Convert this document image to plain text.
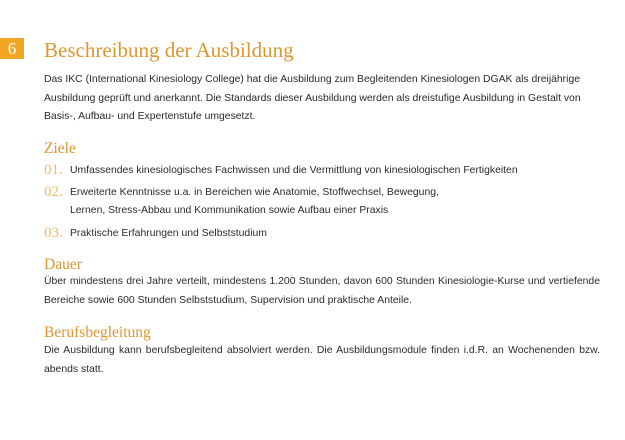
6	Beschreibung der Ausbildung

Das IKC (International Kinesiology College) hat die Ausbildung zum Begleitenden Kinesiologen DGAK als dreijährige Ausbildung geprüft und anerkannt. Die Standards dieser Ausbildung werden als dreistufige Ausbildung in Gestalt von Basis-, Aufbau- und Expertenstufe umgesetzt.

Ziele
01. Umfassendes kinesiologisches Fachwissen und die Vermittlung von kinesiologischen Fertigkeiten
02. Erweiterte Kenntnisse u.a. in Bereichen wie Anatomie, Stoffwechsel, Bewegung, Lernen, Stress-Abbau und Kommunikation sowie Aufbau einer Praxis
03. Praktische Erfahrungen und Selbststudium
Dauer

Über mindestens drei Jahre verteilt, mindestens 1.200 Stunden, davon 600 Stunden Kinesiologie-Kurse und vertiefende Bereiche sowie 600 Stunden Selbststudium, Supervision und praktische Anteile.

Berufsbegleitung

Die Ausbildung kann berufsbegleitend absolviert werden. Die Ausbildungsmodule finden i.d.R. an Wochenenden bzw. abends statt.
